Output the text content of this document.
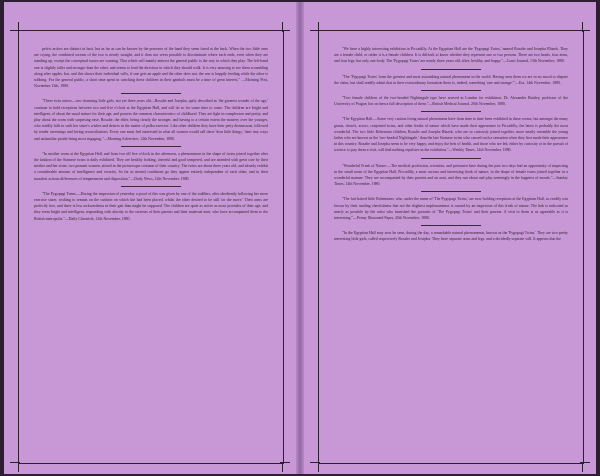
pelvic arches are distinct in bust, but as far as can be known by the presence of the hand they seem fused at the back. When the two little ones are crying, the combined scream of the two is nearly straight, and it does not seem possible to discriminate where each ends, even when they are standing up, except the conceptual issues are wanting. That which will mainly interest the general public is the way in which they play. The left-hand one is slightly taller and stronger than the other, and seems to lead the direction in which they should walk. It is very amusing to see them scrambling along after apples, but, and this shows their individual wills, if one gets an apple and the other does not, the one is happily feeding while the other is sobbing. For the general public, a short time spent in watching these children in their gambols must be a time of great interest." —Morning Post, November 13th, 1880.

"These twin sisters—two charming little girls, not yet three years old—Rosalie and Josepha, aptly described as 'the greatest wonder of the age,' continue to hold receptions between two and five o'clock at the Egyptian Hall, and will do so for some time to come. The children are bright and intelligent, of about the usual stature for their age, and possess the common characteristics of childhood. They are light in complexion and pretty, and play about the room with surprising ease, Rosalie, the elder, being clearly the stronger, and having to a certain extent the mastery over the younger, who readily falls in with her sister's wishes and desires in the matter of polka exercise. Like other children they have their petty dissensions, followed by tender caressings and loving reconciliations. Every one must feel interested in what all women would call these 'dear little things,' their tiny ways and unfamiliar prattle being most engaging."—Morning Advertiser, 12th November, 1880.

"In another room at the Egyptian Hall, and from two till five o'clock in the afternoon, a phenomenon in the shape of twins joined together after the fashion of the Siamese twins is daily exhibited. They are healthy looking, cheerful and good tempered, and are attended with great care by their mother and her sister, two peasant women, attired in the picturesque costume of their country. The twins are about three years old, and already exhibit a considerable amount of intelligence and vivacity. So far as mental conditions go they appear entirely independent of each other, and in their manifest actions differences of temperament and disposition."—Daily News, 12th November, 1880.

"The Pygopagi Twins.—During the inspection of yesterday a proof of this was given by one of the toddlers, after obediently following her more exercise sister, wishing to remain on the cushion on which she had been placed, whilst the other desired to be still 'on the move.' Their arms are perfectly free, and there is less awkwardness in their gait than might be supposed. The children are quite as active as most juveniles of their age, and they seem bright and intelligent, responding with alacrity to the caresses of their parents and their maternal aunt, who have accompanied them to the British metropolis."—Daily Chronicle, 12th November, 1880.

"We have a highly interesting exhibition in Piccadilly. At the Egyptian Hall are the 'Pygopagi Twins,' named Rosalie and Josepha Blazek. They are a female child, or rather it is a female children. It is difficult to know whether they represent one or two persons. There are two heads, four arms, and four legs, but only one body. The 'Pygopagi Twins' are nearly three years old, alive, healthy, and happy."—Court Journal, 13th November, 1880.

"The 'Pygopagi Twins' form the greatest and most astonishing natural phenomena in the world. Having seen them we are in no mood to dispute the claim, but shall readily admit that in their extraordinary formation there is, indeed, something 'rare and strange.'"—Era, 14th November, 1880.

"Two female children of the two-headed Nightingale type have arrived in London for exhibition. Dr. Alexander Brinley, professor of the University of Prague, has written a full description of them."—British Medical Journal, 20th November, 1880.

"The Egyptian Hall.—Some very curious living natural phenomena have from time to time been exhibited in these rooms; but amongst the many giants, dwarfs, actors, conjoined twins, and other freaks of nature which have made their appearance in Piccadilly, the latest is probably the most wonderful. The two little Bohemian children, Rosalie and Josepha Blazek, who are so curiously joined together, more nearly resemble the young ladies who are known as the 'two-headed Nightingale,' than the late Siamese twins who caused such a sensation when they first made their appearance in this country. Rosalie and Josepha seem to be very happy, and enjoy the best of health, and those who are led, either by curiosity or in the pursuit of science, to pay them a visit, will find nothing repulsive in the exhibition."—Weekly Times, 14th November, 1880.

"Wonderful Freak of Nature.—The medical profession, scientists, and pressmen have during the past two days had an opportunity of inspecting in the small room of the Egyptian Hall, Piccadilly, a most curious and interesting freak of nature, in the shape of female twins joined together in a wonderful manner. They are accompanied by their parents and an aunt, and they run about and play seemingly in the happiest of moods."—Sunday Times, 14th November, 1880.

"The fair-haired little Bohemians, who, under the name of 'The Pygopagi Twins,' are now holding receptions at the Egyptian Hall, so readily win favour by their smiling cheerfulness that not the slightest unpleasantness is caused by an inspection of this freak of nature. The link is indicated as nearly as possible by the artist who furnished the portraits of 'The Pygopagi Twins' and their parents. A visit to them is as agreeable as it is interesting."—Penny Illustrated Paper, 20th November, 1880.

"In the Egyptian Hall may now be seen, during the day, a remarkable natural phenomenon, known as the 'Pygopagi Twins.' They are two pretty interesting little girls, called respectively Rosalie and Josepha. They have separate arms and legs, and a decidedly separate will. It appears that the
